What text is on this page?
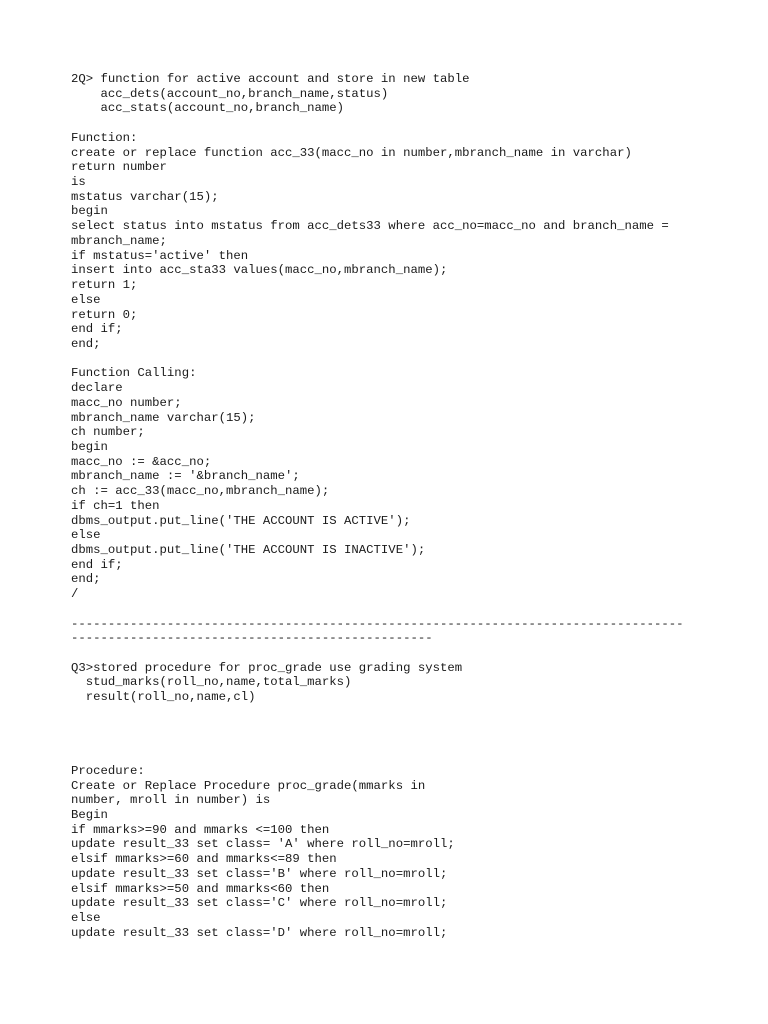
2Q> function for active account and store in new table
acc_dets(account_no,branch_name,status)
acc_stats(account_no,branch_name)
Function:
create or replace function acc_33(macc_no in number,mbranch_name in varchar)
return number
is
mstatus varchar(15);
begin
select status into mstatus from acc_dets33 where acc_no=macc_no and branch_name =
mbranch_name;
if mstatus='active' then
insert into acc_sta33 values(macc_no,mbranch_name);
return 1;
else
return 0;
end if;
end;
Function Calling:
declare
macc_no number;
mbranch_name varchar(15);
ch number;
begin
macc_no := &acc_no;
mbranch_name := '&branch_name';
ch := acc_33(macc_no,mbranch_name);
if ch=1 then
dbms_output.put_line('THE ACCOUNT IS ACTIVE');
else
dbms_output.put_line('THE ACCOUNT IS INACTIVE');
end if;
end;
/
-----------------------------------------------------------------------------------
-------------------------------------------------
Q3>stored procedure for proc_grade use grading system
stud_marks(roll_no,name,total_marks)
result(roll_no,name,cl)
Procedure:
Create or Replace Procedure proc_grade(mmarks in
number, mroll in number) is
Begin
if mmarks>=90 and mmarks <=100 then
update result_33 set class= 'A' where roll_no=mroll;
elsif mmarks>=60 and mmarks<=89 then
update result_33 set class='B' where roll_no=mroll;
elsif mmarks>=50 and mmarks<60 then
update result_33 set class='C' where roll_no=mroll;
else
update result_33 set class='D' where roll_no=mroll;
